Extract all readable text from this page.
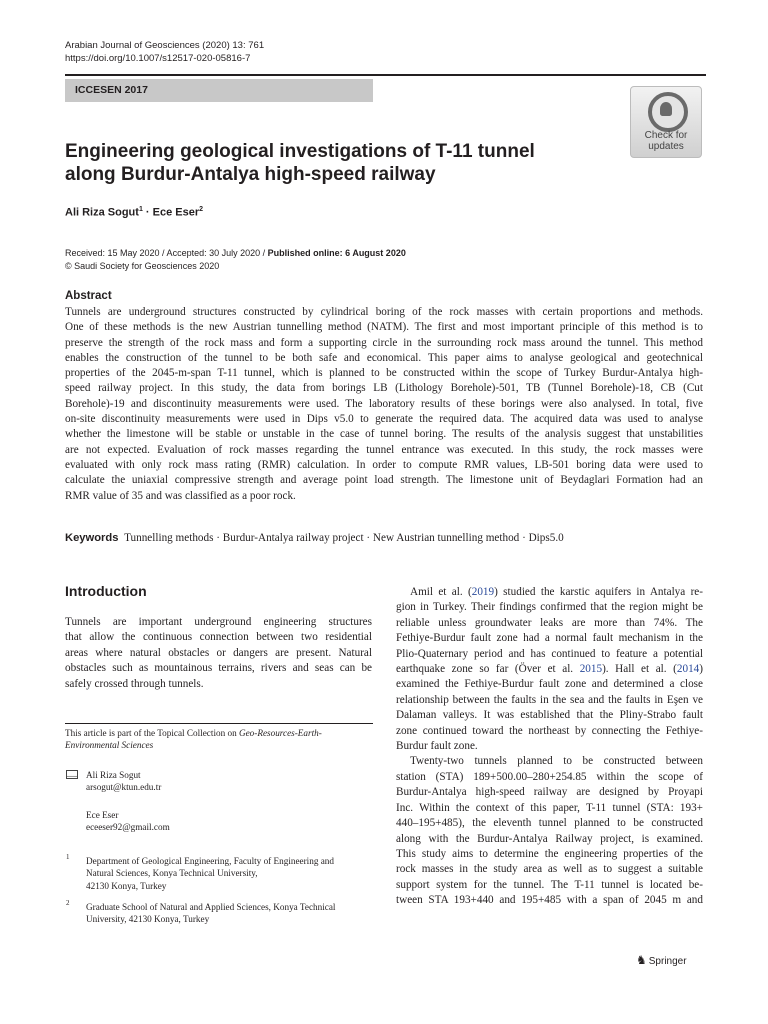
Arabian Journal of Geosciences (2020) 13: 761
https://doi.org/10.1007/s12517-020-05816-7
ICCESEN 2017
Check for
updates
Engineering geological investigations of T-11 tunnel
along Burdur-Antalya high-speed railway
Ali Riza Sogut$^1$ · Ece Eser$^2$
Received: 15 May 2020 / Accepted: 30 July 2020 / Published online: 6 August 2020
© Saudi Society for Geosciences 2020
Abstract
Tunnels are underground structures constructed by cylindrical boring of the rock masses with certain proportions and methods.
One of these methods is the new Austrian tunnelling method (NATM). The first and most important principle of this method is to
preserve the strength of the rock mass and form a supporting circle in the surrounding rock mass around the tunnel. This method
enables the construction of the tunnel to be both safe and economical. This paper aims to analyse geological and geotechnical
properties of the 2045-m-span T-11 tunnel, which is planned to be constructed within the scope of Turkey Burdur-Antalya high-
speed railway project. In this study, the data from borings LB (Lithology Borehole)-501, TB (Tunnel Borehole)-18, CB (Cut
Borehole)-19 and discontinuity measurements were used. The laboratory results of these borings were also analysed. In total, five
on-site discontinuity measurements were used in Dips v5.0 to generate the required data. The acquired data was used to analyse
whether the limestone will be stable or unstable in the case of tunnel boring. The results of the analysis suggest that unstabilities
are not expected. Evaluation of rock masses regarding the tunnel entrance was executed. In this study, the rock masses were
evaluated with only rock mass rating (RMR) calculation. In order to compute RMR values, LB-501 boring data were used to
calculate the uniaxial compressive strength and average point load strength. The limestone unit of Beydaglari Formation had an
RMR value of 35 and was classified as a poor rock.
Keywords Tunnelling methods · Burdur-Antalya railway project · New Austrian tunnelling method · Dips5.0
Introduction
Tunnels are important underground engineering structures
that allow the continuous connection between two residential
areas where natural obstacles or dangers are present. Natural
obstacles such as mountainous terrains, rivers and seas can be
safely crossed through tunnels.
Amil et al. (2019) studied the karstic aquifers in Antalya re-
gion in Turkey. Their findings confirmed that the region might be
reliable unless groundwater leaks are more than 74%. The
Fethiye-Burdur fault zone had a normal fault mechanism in the
Plio-Quaternary period and has continued to feature a potential
earthquake zone so far (Över et al. 2015). Hall et al. (2014)
examined the Fethiye-Burdur fault zone and determined a close
relationship between the faults in the sea and the faults in Eşen ve
Dalaman valleys. It was established that the Pliny-Strabo fault
zone continued toward the northeast by connecting the Fethiye-
Burdur fault zone.
Twenty-two tunnels planned to be constructed between
station (STA) 189+500.00–280+254.85 within the scope of
Burdur-Antalya high-speed railway are designed by Proyapi
Inc. Within the context of this paper, T-11 tunnel (STA: 193+
440–195+485), the eleventh tunnel planned to be constructed
along with the Burdur-Antalya Railway project, is examined.
This study aims to determine the engineering properties of the
rock masses in the study area as well as to suggest a suitable
support system for the tunnel. The T-11 tunnel is located be-
tween STA 193+440 and 195+485 with a span of 2045 m and
This article is part of the Topical Collection on Geo-Resources-Earth-
Environmental Sciences
Ali Riza Sogut
arsogut@ktun.edu.tr
Ece Eser
eceeser92@gmail.com
1 Department of Geological Engineering, Faculty of Engineering and
Natural Sciences, Konya Technical University,
42130 Konya, Turkey
2 Graduate School of Natural and Applied Sciences, Konya Technical
University, 42130 Konya, Turkey
♞ Springer
